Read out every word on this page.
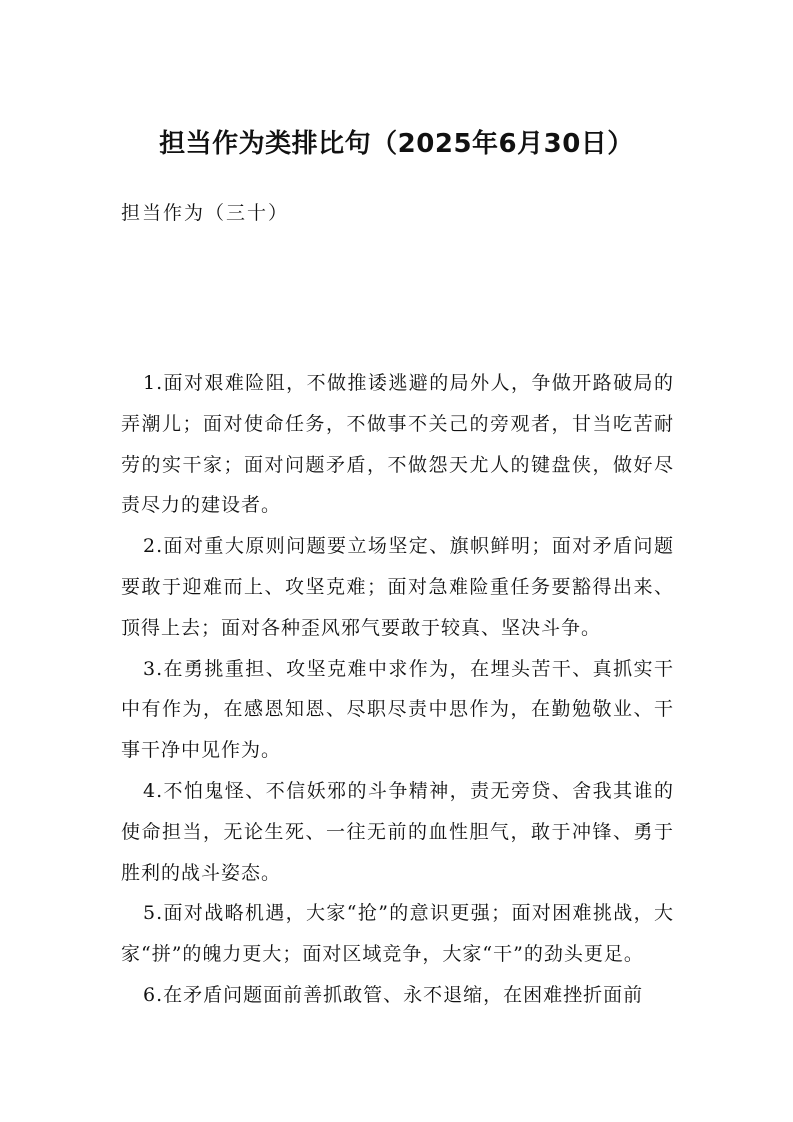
担当作为类排比句（2025年6月30日）
担当作为（三十）

1.面对艰难险阻，不做推诿逃避的局外人，争做开路破局的弄潮儿；面对使命任务，不做事不关己的旁观者，甘当吃苦耐劳的实干家；面对问题矛盾，不做怨天尤人的键盘侠，做好尽责尽力的建设者。

2.面对重大原则问题要立场坚定、旗帜鲜明；面对矛盾问题要敢于迎难而上、攻坚克难；面对急难险重任务要豁得出来、顶得上去；面对各种歪风邪气要敢于较真、坚决斗争。

3.在勇挑重担、攻坚克难中求作为，在埋头苦干、真抓实干中有作为，在感恩知恩、尽职尽责中思作为，在勤勉敬业、干事干净中见作为。

4.不怕鬼怪、不信妖邪的斗争精神，责无旁贷、舍我其谁的使命担当，无论生死、一往无前的血性胆气，敢于冲锋、勇于胜利的战斗姿态。

5.面对战略机遇，大家“抢”的意识更强；面对困难挑战，大家“拼”的魄力更大；面对区域竞争，大家“干”的劲头更足。

6.在矛盾问题面前善抓敢管、永不退缩，在困难挫折面前
